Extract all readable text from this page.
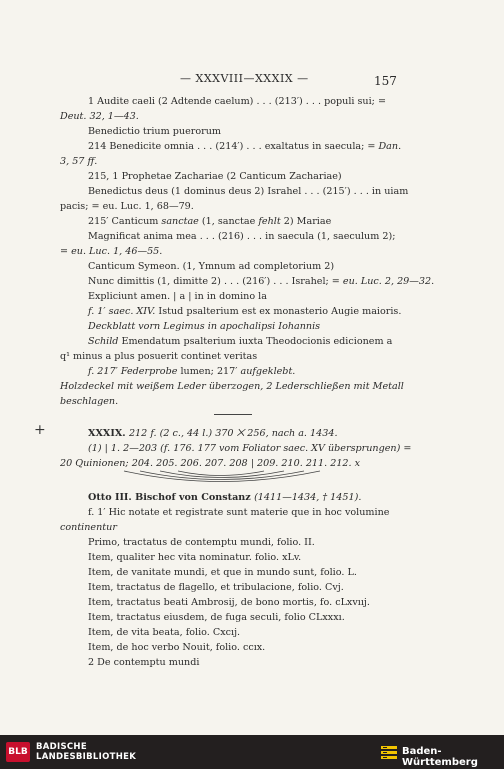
— XXXVIII—XXXIX —	157
1 Audite caeli (2 Adtende caelum) . . . (213′) . . . populi sui; =
Deut. 32, 1—43.
Benedictio trium puerorum
214 Benedicite omnia . . . (214′) . . . exaltatus in saecula; = Dan.
3, 57 ff.
215, 1 Prophetae Zachariae (2 Canticum Zachariae)
Benedictus deus (1 dominus deus 2) Israhel . . . (215′) . . . in uiam
pacis; = eu. Luc. 1, 68—79.
215′ Canticum sanctae (1, sanctae fehlt 2) Mariae
Magnificat anima mea . . . (216) . . . in saecula (1, saeculum 2);
= eu. Luc. 1, 46—55.
Canticum Symeon. (1, Ymnum ad completorium 2)
Nunc dimittis (1, dimitte 2) . . . (216′) . . . Israhel; = eu. Luc. 2, 29—32.
Expliciunt amen. | a | in in domino la
f. 1′ saec. XIV. Istud psalterium est ex monasterio Augie maioris.
Deckblatt vorn Legimus in apochalipsi Iohannis
Schild Emendatum psalterium iuxta Theodocionis edicionem a
q¹ minus a plus posuerit continet veritas
f. 217′ Federprobe lumen; 217′ aufgeklebt.
Holzdeckel mit weißem Leder überzogen, 2 Lederschließen mit Metall
beschlagen.
+	XXXIX. 212 f. (2 c., 44 l.) 370 ⨉ 256, nach a. 1434.
(1) | 1. 2—203 (f. 176. 177 vom Foliator saec. XV übersprungen) =
20 Quinionen; 204. 205. 206. 207. 208 | 209. 210. 211. 212. x
Otto III. Bischof von Constanz (1411—1434, † 1451).
f. 1′ Hic notate et registrate sunt materie que in hoc volumine
continentur
Primo, tractatus de contemptu mundi, folio. II.
Item, qualiter hec vita nominatur. folio. xLv.
Item, de vanitate mundi, et que in mundo sunt, folio. L.
Item, tractatus de flagello, et tribulacione, folio. Cvj.
Item, tractatus beati Ambrosij, de bono mortis, fo. cLxvııj.
Item, tractatus eiusdem, de fuga seculi, folio CLxxxı.
Item, de vita beata, folio. Cxcıj.
Item, de hoc verbo Nouit, folio. ccıx.
2 De contemptu mundi
BLB BADISCHE
LANDESBIBLIOTHEK	Baden-Württemberg
